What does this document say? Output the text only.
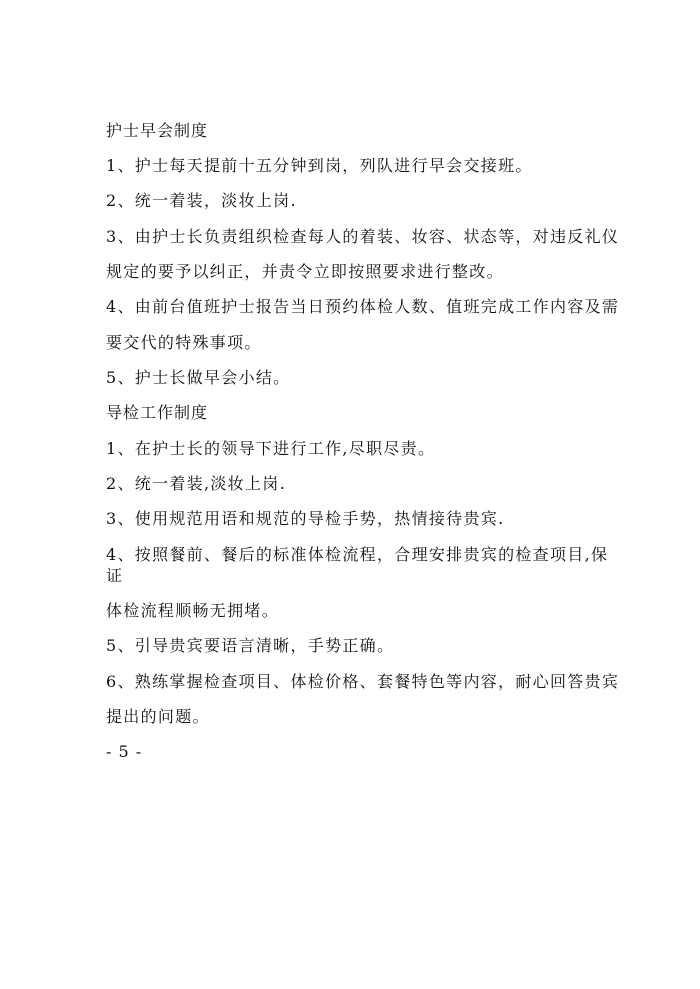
护士早会制度
1、护士每天提前十五分钟到岗，列队进行早会交接班。
2、统一着装，淡妆上岗.
3、由护士长负责组织检查每人的着装、妆容、状态等，对违反礼仪
规定的要予以纠正，并责令立即按照要求进行整改。
4、由前台值班护士报告当日预约体检人数、值班完成工作内容及需
要交代的特殊事项。
5、护士长做早会小结。
导检工作制度
1、在护士长的领导下进行工作,尽职尽责。
2、统一着装,淡妆上岗.
3、使用规范用语和规范的导检手势，热情接待贵宾.
4、按照餐前、餐后的标准体检流程，合理安排贵宾的检查项目,保
证
体检流程顺畅无拥堵。
5、引导贵宾要语言清晰，手势正确。
6、熟练掌握检查项目、体检价格、套餐特色等内容，耐心回答贵宾
提出的问题。
- 5 -
